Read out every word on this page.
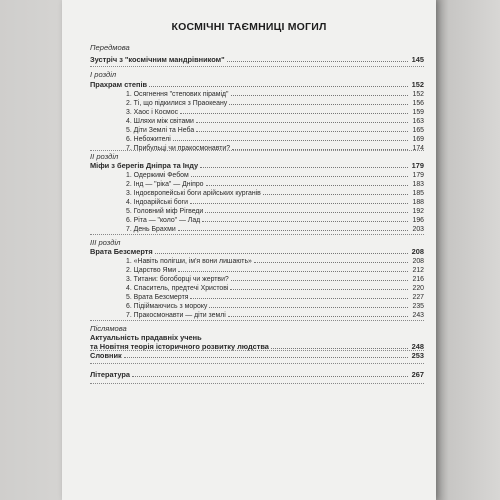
КОСМІЧНІ ТАЄМНИЦІ МОГИЛ
Передмова
Зустріч з "космічним мандрівником"	145
І розділ
Прахрам степів	152
1. Осягнення "степових пірамід"	152
2. Ті, що підкилися з Праокеану	156
3. Хаос і Космос	159
4. Шляхи між світами	163
5. Діти Землі та Неба	165
6. Небожителі	169
7. Прибульці чи пракосмонавти?	174
ІІ розділ
Міфи з берегів Дніпра та Інду	179
1. Одержимі Фебом	179
2. Інд — "ріка" — Дніпро	183
3. Індоєвропейські боги арійських курганів	185
4. Індоарійські боги	188
5. Головний міф Рігведи	192
6. Рітa — "коло" — Лад	196
7. День Брахми	203
ІІІ розділ
Врата Безсмертя	208
1. «Навіть полігши, ім'я вони лишають»	208
2. Царство Ями	212
3. Титани: богоборці чи жертви?	216
4. Спаситель, предтечі Христові	220
5. Врата Безсмертя	227
6. Підіймаючись з мороку	235
7. Пракосмонавти — діти землі	243
Післямова
Актуальність прадавніх учень
та Новітня теорія історичного розвитку людства	248
Словник	253
Література	267
